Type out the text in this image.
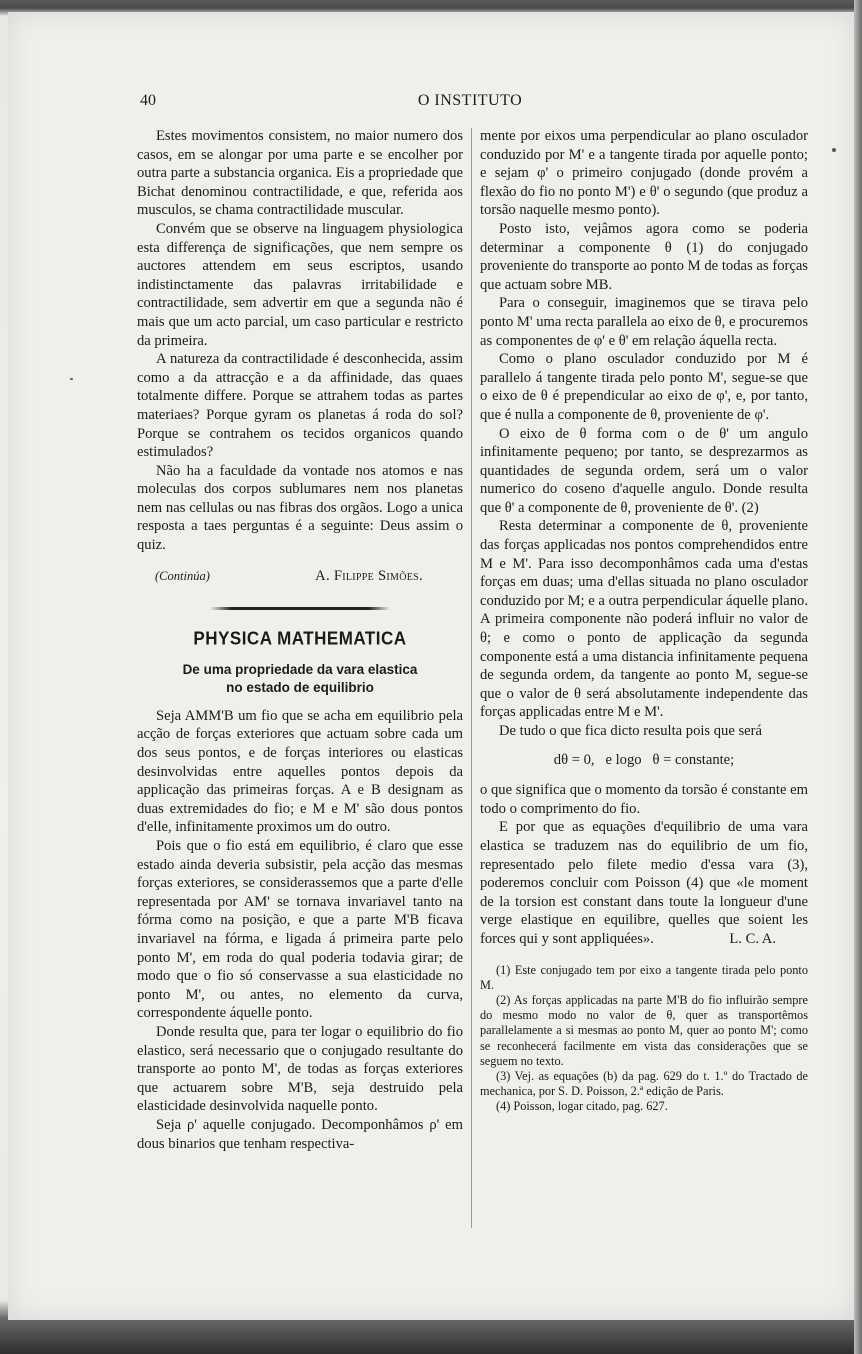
40	O INSTITUTO

Estes movimentos consistem, no maior numero dos casos, em se alongar por uma parte e se encolher por outra parte a substancia organica. Eis a propriedade que Bichat denominou contractilidade, e que, referida aos musculos, se chama contractilidade muscular.

Convém que se observe na linguagem physiologica esta differença de significações, que nem sempre os auctores attendem em seus escriptos, usando indistinctamente das palavras irritabilidade e contractilidade, sem advertir em que a segunda não é mais que um acto parcial, um caso particular e restricto da primeira.

A natureza da contractilidade é desconhecida, assim como a da attracção e a da affinidade, das quaes totalmente differe. Porque se attrahem todas as partes materiaes? Porque gyram os planetas á roda do sol? Porque se contrahem os tecidos organicos quando estimulados?

Não ha a faculdade da vontade nos atomos e nas moleculas dos corpos sublumares nem nos planetas nem nas cellulas ou nas fibras dos orgãos. Logo a unica resposta a taes perguntas é a seguinte: Deus assim o quiz.

(Continúa)	A. Filippe Simões.
PHYSICA MATHEMATICA
De uma propriedade da vara elastica
no estado de equilibrio

Seja AMM'B um fio que se acha em equilibrio pela acção de forças exteriores que actuam sobre cada um dos seus pontos, e de forças interiores ou elasticas desinvolvidas entre aquelles pontos depois da applicação das primeiras forças. A e B designam as duas extremidades do fio; e M e M' são dous pontos d'elle, infinitamente proximos um do outro.

Pois que o fio está em equilibrio, é claro que esse estado ainda deveria subsistir, pela acção das mesmas forças exteriores, se considerassemos que a parte d'elle representada por AM' se tornava invariavel tanto na fórma como na posição, e que a parte M'B ficava invariavel na fórma, e ligada á primeira parte pelo ponto M', em roda do qual poderia todavia girar; de modo que o fio só conservasse a sua elasticidade no ponto M', ou antes, no elemento da curva, correspondente áquelle ponto.

Donde resulta que, para ter logar o equilibrio do fio elastico, será necessario que o conjugado resultante do transporte ao ponto M', de todas as forças exteriores que actuarem sobre M'B, seja destruido pela elasticidade desinvolvida naquelle ponto.

Seja ρ' aquelle conjugado. Decomponhâmos ρ' em dous binarios que tenham respectiva-

mente por eixos uma perpendicular ao plano osculador conduzido por M' e a tangente tirada por aquelle ponto; e sejam φ' o primeiro conjugado (donde provém a flexão do fio no ponto M') e θ' o segundo (que produz a torsão naquelle mesmo ponto).

Posto isto, vejâmos agora como se poderia determinar a componente θ (1) do conjugado proveniente do transporte ao ponto M de todas as forças que actuam sobre MB.

Para o conseguir, imaginemos que se tirava pelo ponto M' uma recta parallela ao eixo de θ, e procuremos as componentes de φ' e θ' em relação áquella recta.

Como o plano osculador conduzido por M é parallelo á tangente tirada pelo ponto M', segue-se que o eixo de θ é prependicular ao eixo de φ', e, por tanto, que é nulla a componente de θ, proveniente de φ'.

O eixo de θ forma com o de θ' um angulo infinitamente pequeno; por tanto, se desprezarmos as quantidades de segunda ordem, será um o valor numerico do coseno d'aquelle angulo. Donde resulta que θ' a componente de θ, proveniente de θ'. (2)

Resta determinar a componente de θ, proveniente das forças applicadas nos pontos comprehendidos entre M e M'. Para isso decomponhâmos cada uma d'estas forças em duas; uma d'ellas situada no plano osculador conduzido por M; e a outra perpendicular áquelle plano. A primeira componente não poderá influir no valor de θ; e como o ponto de applicação da segunda componente está a uma distancia infinitamente pequena de segunda ordem, da tangente ao ponto M, segue-se que o valor de θ será absolutamente independente das forças applicadas entre M e M'.

De tudo o que fica dicto resulta pois que será

dθ = 0, e logo θ = constante;

o que significa que o momento da torsão é constante em todo o comprimento do fio.

E por que as equações d'equilibrio de uma vara elastica se traduzem nas do equilibrio de um fio, representado pelo filete medio d'essa vara (3), poderemos concluir com Poisson (4) que «le moment de la torsion est constant dans toute la longueur d'une verge elastique en equilibre, quelles que soient les forces qui y sont appliquées».	L. C. A.

(1) Este conjugado tem por eixo a tangente tirada pelo ponto M.

(2) As forças applicadas na parte M'B do fio influirão sempre do mesmo modo no valor de θ, quer as transportêmos parallelamente a si mesmas ao ponto M, quer ao ponto M'; como se reconhecerá facilmente em vista das considerações que se seguem no texto.

(3) Vej. as equações (b) da pag. 629 do t. 1.º do Tractado de mechanica, por S. D. Poisson, 2.ª edição de Paris.

(4) Poisson, logar citado, pag. 627.
